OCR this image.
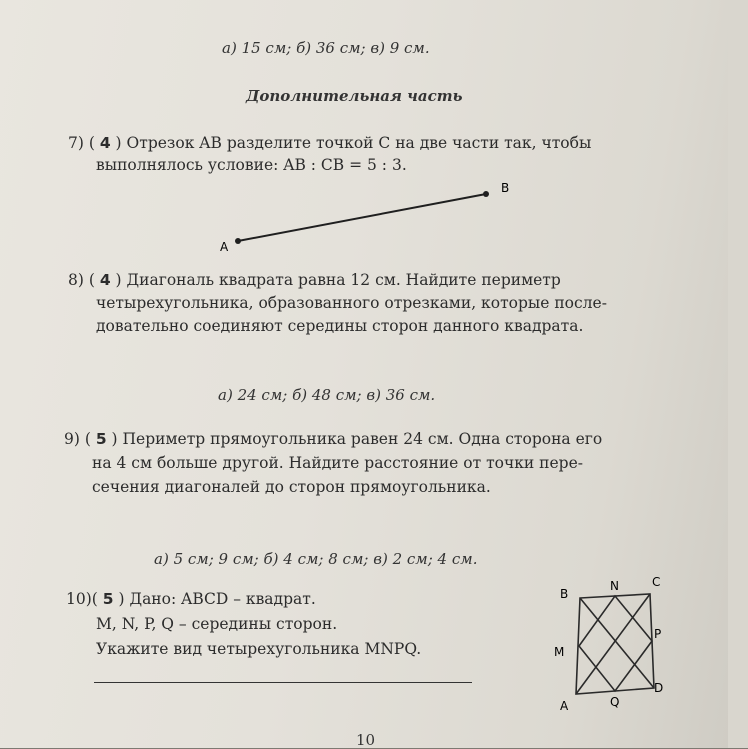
а) 15 см; б) 36 см; в) 9 см.
Дополнительная часть
7) ( 4 ) Отрезок AB разделите точкой C на две части так, чтобы
выполнялось условие: AB : CB = 5 : 3.
A
B
8) ( 4 ) Диагональ квадрата равна 12 см. Найдите периметр
четырехугольника, образованного отрезками, которые после-
довательно соединяют середины сторон данного квадрата.
а) 24 см; б) 48 см; в) 36 см.
9) ( 5 ) Периметр прямоугольника равен 24 см. Одна сторона его
на 4 см больше другой. Найдите расстояние от точки пере-
сечения диагоналей до сторон прямоугольника.
а) 5 см; 9 см; б) 4 см; 8 см; в) 2 см; 4 см.
10)( 5 ) Дано: ABCD – квадрат.
M, N, P, Q – середины сторон.
Укажите вид четырехугольника MNPQ.
B
N	C
P
M
D
Q
A
10
